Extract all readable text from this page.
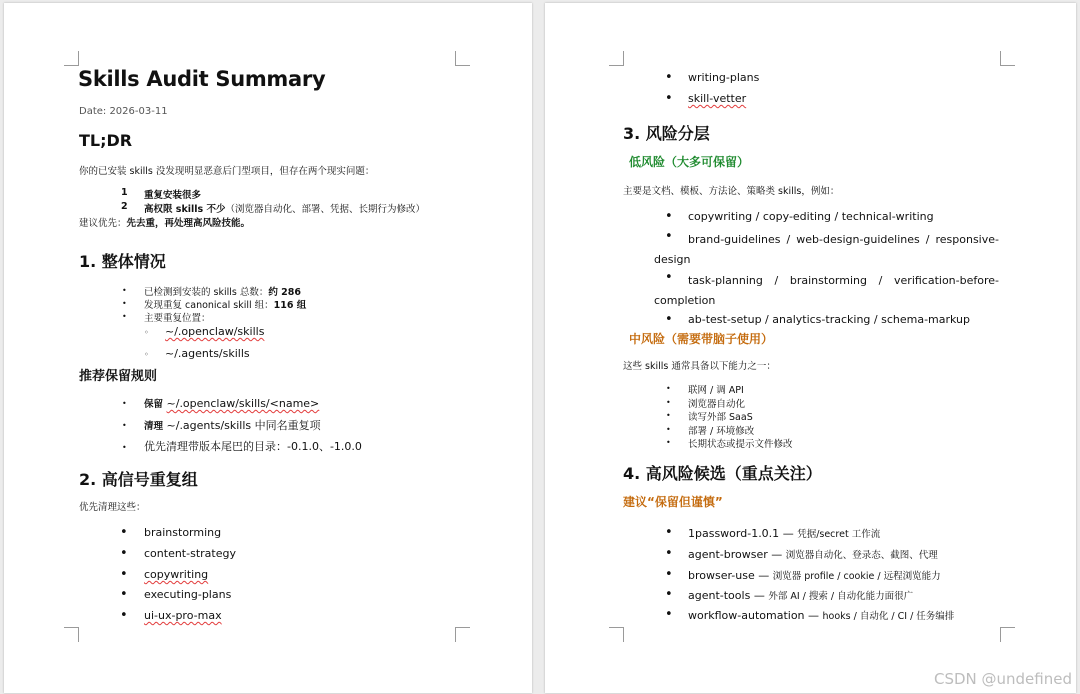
Skills Audit Summary
Date: 2026-03-11
TL;DR
你的已安装 skills 没发现明显恶意后门型项目，但存在两个现实问题：
1 重复安装很多
2 高权限 skills 不少（浏览器自动化、部署、凭据、长期行为修改）
建议优先：先去重，再处理高风险技能。
1. 整体情况
• 已检测到安装的 skills 总数：约 286
• 发现重复 canonical skill 组：116 组
• 主要重复位置：
◦ ~/.openclaw/skills
◦ ~/.agents/skills
推荐保留规则
• 保留 ~/.openclaw/skills/<name>
• 清理 ~/.agents/skills 中同名重复项
• 优先清理带版本尾巴的目录：-0.1.0、-1.0.0
2. 高信号重复组
优先清理这些：
• brainstorming
• content-strategy
• copywriting
• executing-plans
• ui-ux-pro-max
• writing-plans
• skill-vetter
3. 风险分层
低风险（大多可保留）
主要是文档、模板、方法论、策略类 skills，例如：
• copywriting / copy-editing / technical-writing
•	brand-guidelines / web-design-guidelines / responsive-design
•	task-planning / brainstorming / verification-before-completion
• ab-test-setup / analytics-tracking / schema-markup
中风险（需要带脑子使用）
这些 skills 通常具备以下能力之一：
• 联网 / 调 API
• 浏览器自动化
• 读写外部 SaaS
• 部署 / 环境修改
• 长期状态或提示文件修改
4. 高风险候选（重点关注）
建议“保留但谨慎”
• 1password-1.0.1 — 凭据/secret 工作流
• agent-browser — 浏览器自动化、登录态、截图、代理
• browser-use — 浏览器 profile / cookie / 远程浏览能力
• agent-tools — 外部 AI / 搜索 / 自动化能力面很广
• workflow-automation — hooks / 自动化 / CI / 任务编排
CSDN @undefined
